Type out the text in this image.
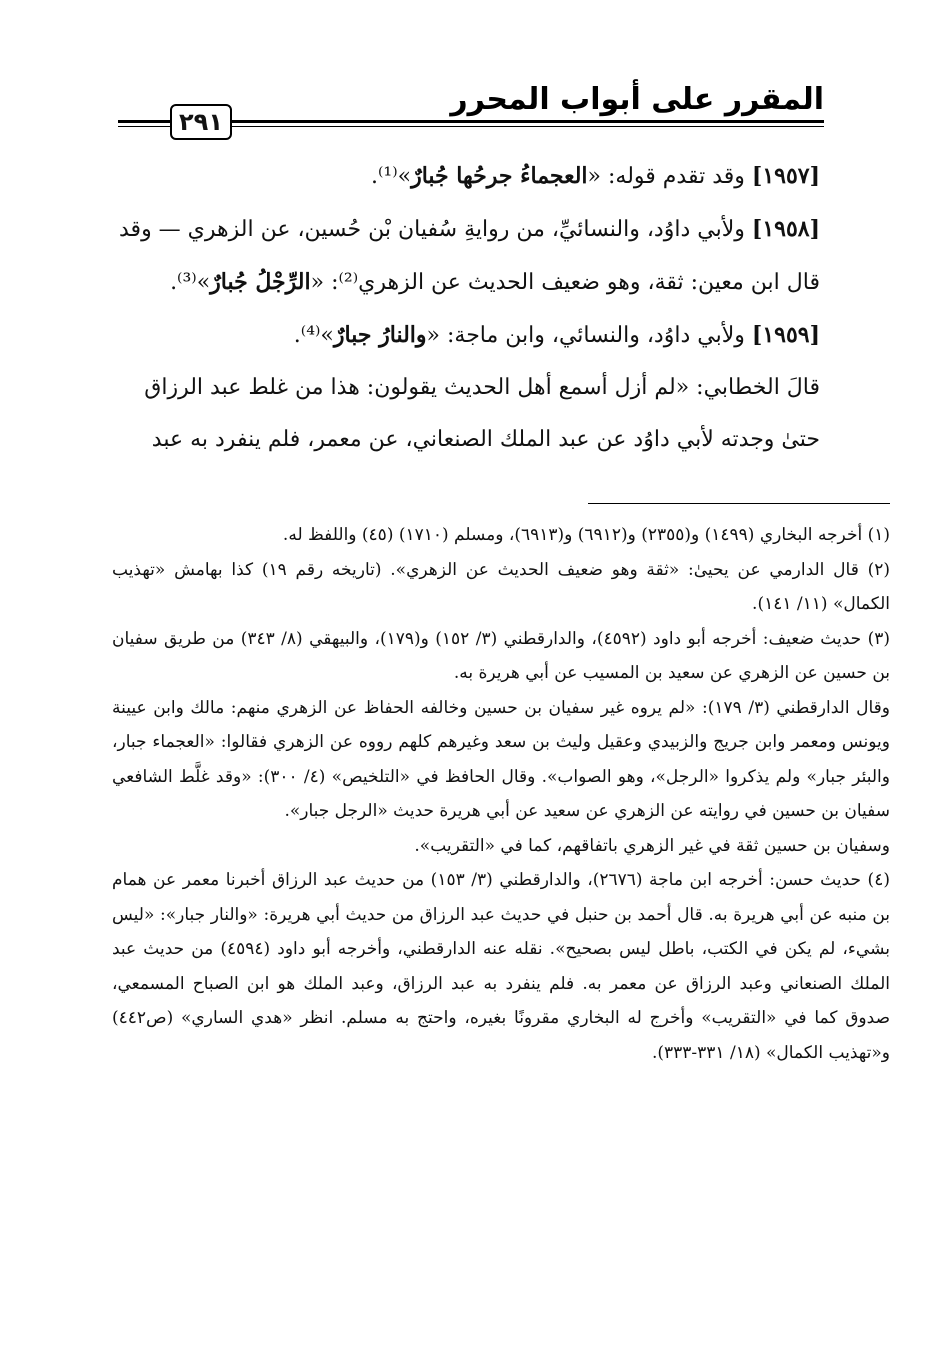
المقرر على أبواب المحرر
٢٩١

[١٩٥٧] وقد تقدم قوله: «العجماءُ جرحُها جُبارٌ»⁽¹⁾.

[١٩٥٨] ولأبي داوُد، والنسائيِّ، من روايةِ سُفيان بْن حُسين، عن الزهري — وقد قال ابن معين: ثقة، وهو ضعيف الحديث عن الزهري⁽²⁾: «الرِّجْلُ جُبارٌ»⁽³⁾.

[١٩٥٩] ولأبي داوُد، والنسائي، وابن ماجة: «والنارُ جبارٌ»⁽⁴⁾.

قالَ الخطابي: «لم أزل أسمع أهل الحديث يقولون: هذا من غلط عبد الرزاق حتىٰ وجدته لأبي داوُد عن عبد الملك الصنعاني، عن معمر، فلم ينفرد به عبد

(١) أخرجه البخاري (١٤٩٩) و(٢٣٥٥) و(٦٩١٢) و(٦٩١٣)، ومسلم (١٧١٠) (٤٥) واللفظ له.

(٢) قال الدارمي عن يحيىٰ: «ثقة وهو ضعيف الحديث عن الزهري». (تاريخه رقم ١٩) كذا بهامش «تهذيب الكمال» (١١/ ١٤١).

(٣) حديث ضعيف: أخرجه أبو داود (٤٥٩٢)، والدارقطني (٣/ ١٥٢) و(١٧٩)، والبيهقي (٨/ ٣٤٣) من طريق سفيان بن حسين عن الزهري عن سعيد بن المسيب عن أبي هريرة به.

وقال الدارقطني (٣/ ١٧٩): «لم يروه غير سفيان بن حسين وخالفه الحفاظ عن الزهري منهم: مالك وابن عيينة ويونس ومعمر وابن جريج والزبيدي وعقيل وليث بن سعد وغيرهم كلهم رووه عن الزهري فقالوا: «العجماء جبار، والبئر جبار» ولم يذكروا «الرجل»، وهو الصواب». وقال الحافظ في «التلخيص» (٤/ ٣٠٠): «وقد غلَّط الشافعي سفيان بن حسين في روايته عن الزهري عن سعيد عن أبي هريرة حديث «الرجل جبار».

وسفيان بن حسين ثقة في غير الزهري باتفاقهم، كما في «التقريب».

(٤) حديث حسن: أخرجه ابن ماجة (٢٦٧٦)، والدارقطني (٣/ ١٥٣) من حديث عبد الرزاق أخبرنا معمر عن همام بن منبه عن أبي هريرة به. قال أحمد بن حنبل في حديث عبد الرزاق من حديث أبي هريرة: «والنار جبار»: «ليس بشيء، لم يكن في الكتب، باطل ليس بصحيح». نقله عنه الدارقطني، وأخرجه أبو داود (٤٥٩٤) من حديث عبد الملك الصنعاني وعبد الرزاق عن معمر به. فلم ينفرد به عبد الرزاق، وعبد الملك هو ابن الصباح المسمعي، صدوق كما في «التقريب» وأخرج له البخاري مقرونًا بغيره، واحتج به مسلم. انظر «هدي الساري» (ص٤٤٢) و«تهذيب الكمال» (١٨/ ٣٣١-٣٣٣).
